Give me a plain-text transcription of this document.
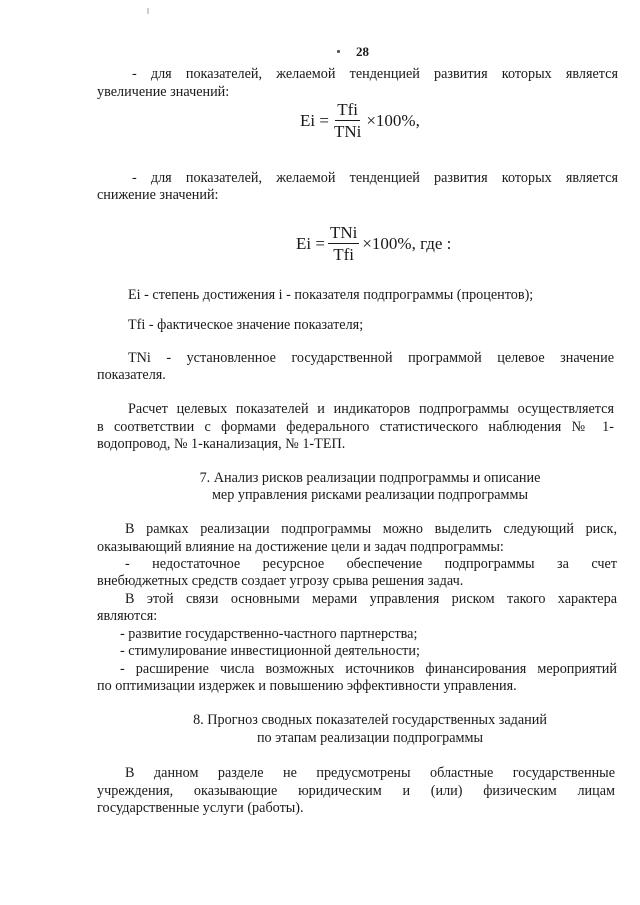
28
- для показателей, желаемой тенденцией развития которых является
увеличение значений:
$Ei = \frac{\text{Tfi}}{\text{TNi}} \times 100\%$,
- для показателей, желаемой тенденцией развития которых является
снижение значений:
$Ei = \frac{\text{TNi}}{\text{Tfi}} \times 100\%$, где :
Ei - степень достижения i - показателя подпрограммы (процентов);
Tfi - фактическое значение показателя;
TNi - установленное государственной программой целевое значение
показателя.
Расчет целевых показателей и индикаторов подпрограммы осуществляется
в соответствии с формами федерального статистического наблюдения № 1-
водопровод, № 1-канализация, № 1-ТЕП.
7. Анализ рисков реализации подпрограммы и описание
мер управления рисками реализации подпрограммы
В рамках реализации подпрограммы можно выделить следующий риск,
оказывающий влияние на достижение цели и задач подпрограммы:
- недостаточное ресурсное обеспечение подпрограммы за счет
внебюджетных средств создает угрозу срыва решения задач.
В этой связи основными мерами управления риском такого характера
являются:
- развитие государственно-частного партнерства;
- стимулирование инвестиционной деятельности;
- расширение числа возможных источников финансирования мероприятий
по оптимизации издержек и повышению эффективности управления.
8. Прогноз сводных показателей государственных заданий
по этапам реализации подпрограммы
В данном разделе не предусмотрены областные государственные
учреждения, оказывающие юридическим и (или) физическим лицам
государственные услуги (работы).
